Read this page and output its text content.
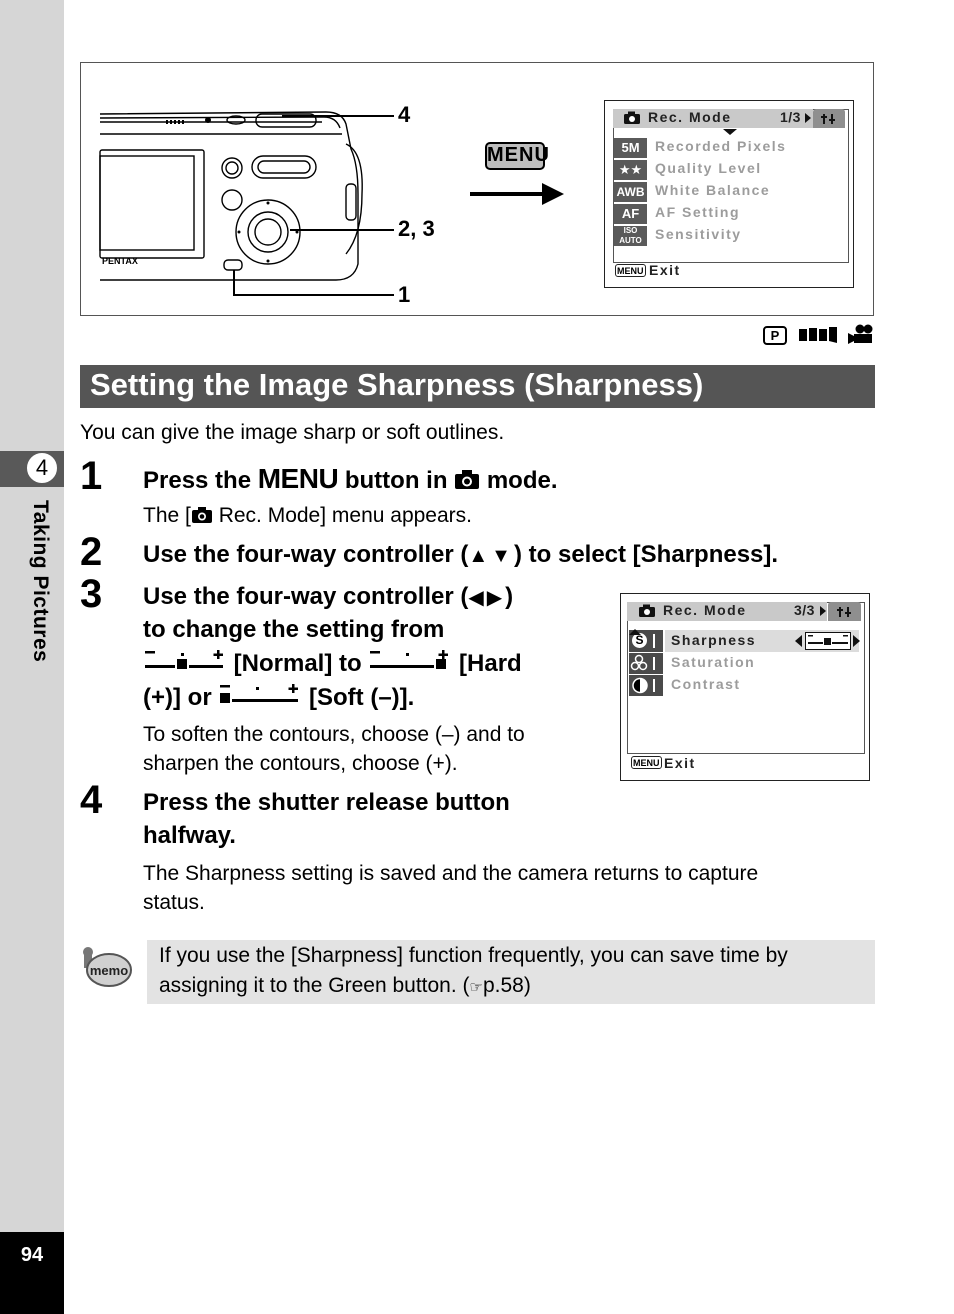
4
Taking Pictures
94
PENTAX
4
2, 3
1
MENU
Rec. Mode	1/3
5M	Recorded Pixels
★★ Quality Level
AWB White Balance
AF	AF Setting
ISO AUTO Sensitivity
MENU Exit
P
Setting the Image Sharpness (Sharpness)
You can give the image sharp or soft outlines.
1 Press the MENU button in  mode.
The [ Rec. Mode] menu appears.
2 Use the four-way controller (▲▼) to select [Sharpness].
3 Use the four-way controller (◀▶)
to change the setting from
[Normal] to	[Hard
(+)] or	[Soft (–)].
To soften the contours, choose (–) and to
sharpen the contours, choose (+).
Rec. Mode	3/3
S Sharpness
Saturation
Contrast
MENU Exit
4 Press the shutter release button
halfway.
The Sharpness setting is saved and the camera returns to capture
status.
memo
If you use the [Sharpness] function frequently, you can save time by
assigning it to the Green button. (☞p.58)
